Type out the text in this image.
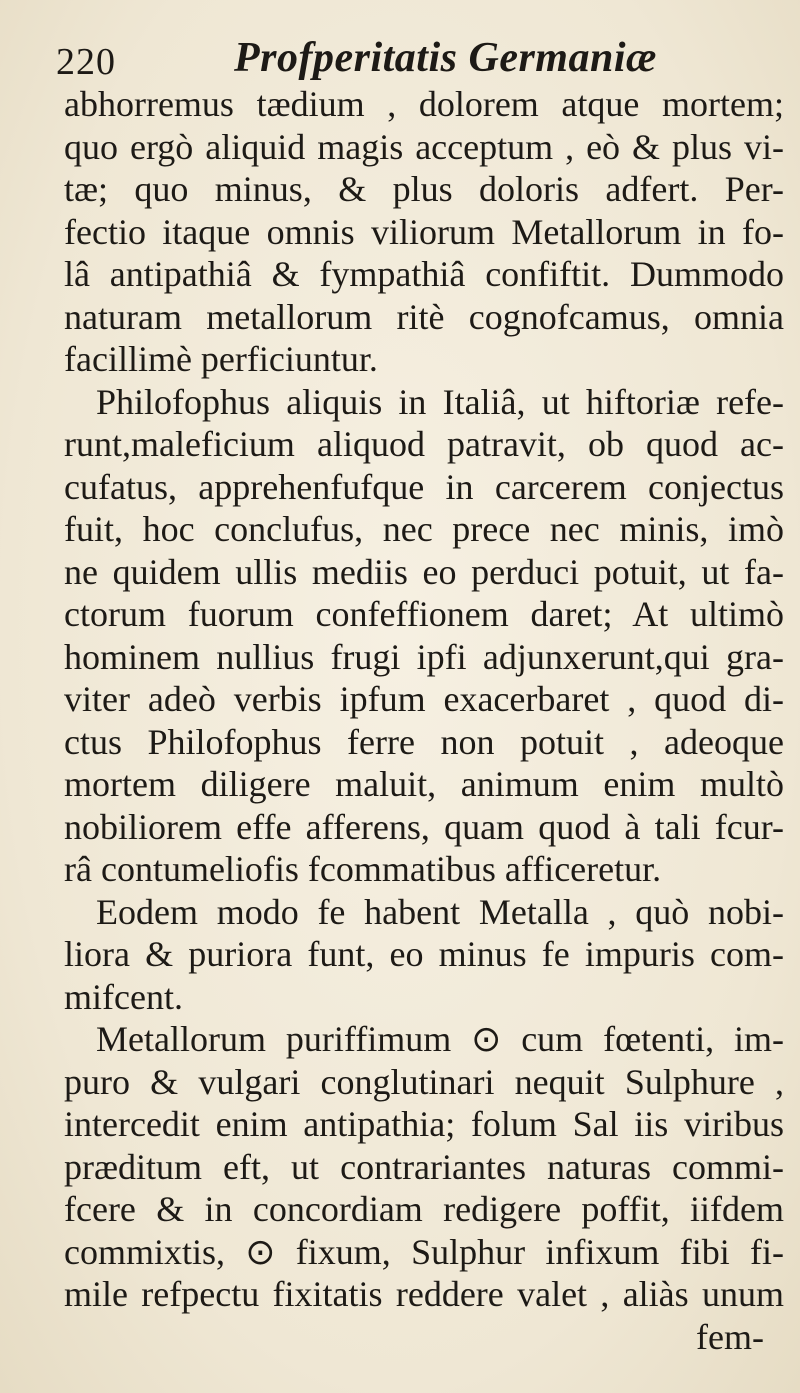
220	Profperitatis Germaniæ
abhorremus tædium , dolorem atque mortem;
quo ergò aliquid magis acceptum , eò & plus vi-
tæ; quo minus, & plus doloris adfert. Per-
fectio itaque omnis viliorum Metallorum in fo-
lâ antipathiâ & fympathiâ confiftit. Dummodo
naturam metallorum ritè cognofcamus, omnia
facillimè perficiuntur.
Philofophus aliquis in Italiâ, ut hiftoriæ refe-
runt,maleficium aliquod patravit, ob quod ac-
cufatus, apprehenfufque in carcerem conjectus
fuit, hoc conclufus, nec prece nec minis, imò
ne quidem ullis mediis eo perduci potuit, ut fa-
ctorum fuorum confeffionem daret; At ultimò
hominem nullius frugi ipfi adjunxerunt,qui gra-
viter adeò verbis ipfum exacerbaret , quod di-
ctus Philofophus ferre non potuit , adeoque
mortem diligere maluit, animum enim multò
nobiliorem effe afferens, quam quod à tali fcur-
râ contumeliofis fcommatibus afficeretur.
Eodem modo fe habent Metalla , quò nobi-
liora & puriora funt, eo minus fe impuris com-
mifcent.
Metallorum puriffimum ⊙ cum fœtenti, im-
puro & vulgari conglutinari nequit Sulphure ,
intercedit enim antipathia; folum Sal iis viribus
præditum eft, ut contrariantes naturas commi-
fcere & in concordiam redigere poffit, iifdem
commixtis, ⊙ fixum, Sulphur infixum fibi fi-
mile refpectu fixitatis reddere valet , aliàs unum
fem-
